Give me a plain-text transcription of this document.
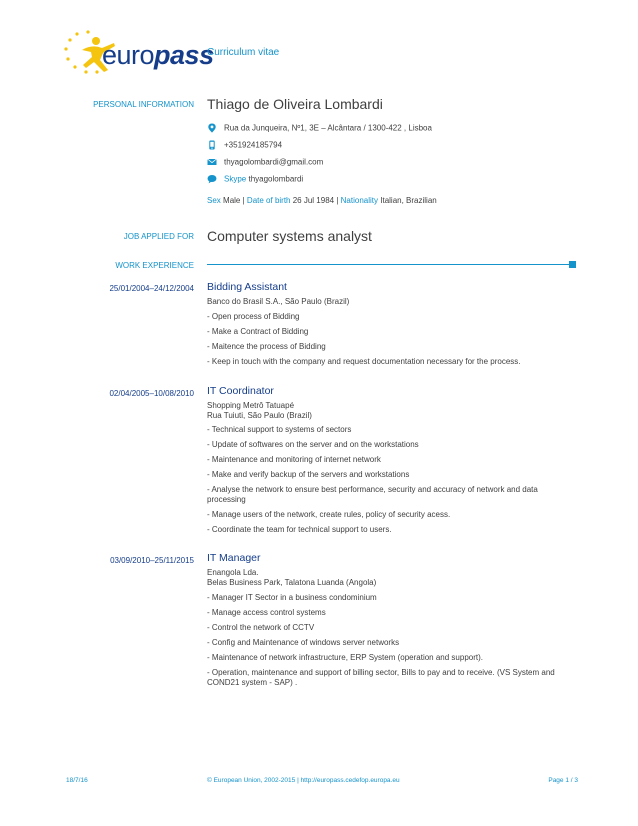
europass
Curriculum vitae
PERSONAL INFORMATION Thiago de Oliveira Lombardi
Rua da Junqueira, Nº1, 3E – Alcântara / 1300-422 , Lisboa
+351924185794
thyagolombardi@gmail.com
Skype thyagolombardi
Sex Male | Date of birth 26 Jul 1984 | Nationality Italian, Brazilian
JOB APPLIED FOR Computer systems analyst
WORK EXPERIENCE
25/01/2004–24/12/2004 Bidding Assistant
Banco do Brasil S.A., São Paulo (Brazil)
- Open process of Bidding
- Make a Contract of Bidding
- Maitence the process of Bidding
- Keep in touch with the company and request documentation necessary for the process.
02/04/2005–10/08/2010 IT Coordinator
Shopping Metrô Tatuapé
Rua Tuiuti, São Paulo (Brazil)
- Technical support to systems of sectors
- Update of softwares on the server and on the workstations
- Maintenance and monitoring of internet network
- Make and verify backup of the servers and workstations
- Analyse the network to ensure best performance, security and accuracy of network and data processing
- Manage users of the network, create rules, policy of security acess.
- Coordinate the team for technical support to users.
03/09/2010–25/11/2015 IT Manager
Enangola Lda.
Belas Business Park, Talatona Luanda (Angola)
- Manager IT Sector in a business condominium
- Manage access control systems
- Control the network of CCTV
- Config and Maintenance of windows server networks
- Maintenance of network infrastructure, ERP System (operation and support).
- Operation, maintenance and support of billing sector, Bills to pay and to receive. (VS System and COND21 system - SAP) .
18/7/16	© European Union, 2002-2015 | http://europass.cedefop.europa.eu	Page 1 / 3
